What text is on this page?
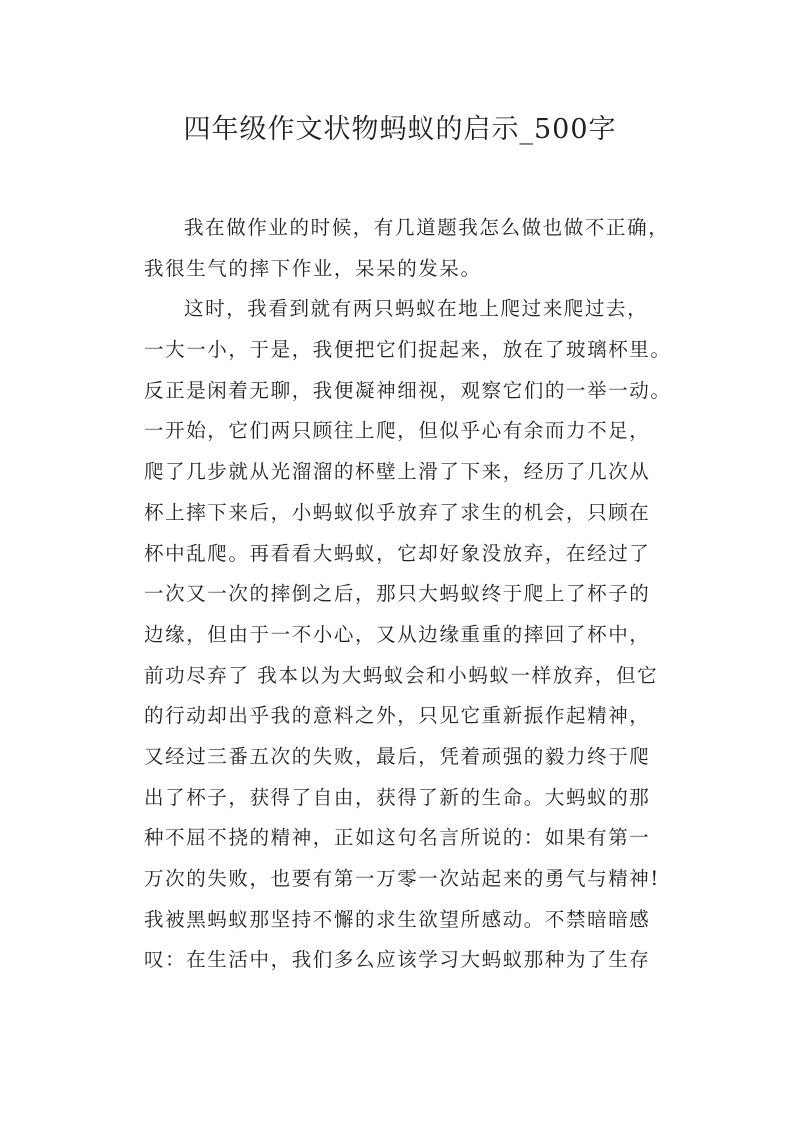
四年级作文状物蚂蚁的启示_500字
我在做作业的时候，有几道题我怎么做也做不正确，
我很生气的摔下作业，呆呆的发呆。
这时，我看到就有两只蚂蚁在地上爬过来爬过去，
一大一小，于是，我便把它们捉起来，放在了玻璃杯里。
反正是闲着无聊，我便凝神细视，观察它们的一举一动。
一开始，它们两只顾往上爬，但似乎心有余而力不足，
爬了几步就从光溜溜的杯壁上滑了下来，经历了几次从
杯上摔下来后，小蚂蚁似乎放弃了求生的机会，只顾在
杯中乱爬。再看看大蚂蚁，它却好象没放弃，在经过了
一次又一次的摔倒之后，那只大蚂蚁终于爬上了杯子的
边缘，但由于一不小心，又从边缘重重的摔回了杯中，
前功尽弃了 我本以为大蚂蚁会和小蚂蚁一样放弃，但它
的行动却出乎我的意料之外，只见它重新振作起精神，
又经过三番五次的失败，最后，凭着顽强的毅力终于爬
出了杯子，获得了自由，获得了新的生命。大蚂蚁的那
种不屈不挠的精神，正如这句名言所说的：如果有第一
万次的失败，也要有第一万零一次站起来的勇气与精神!
我被黑蚂蚁那坚持不懈的求生欲望所感动。不禁暗暗感
叹：在生活中，我们多么应该学习大蚂蚁那种为了生存
